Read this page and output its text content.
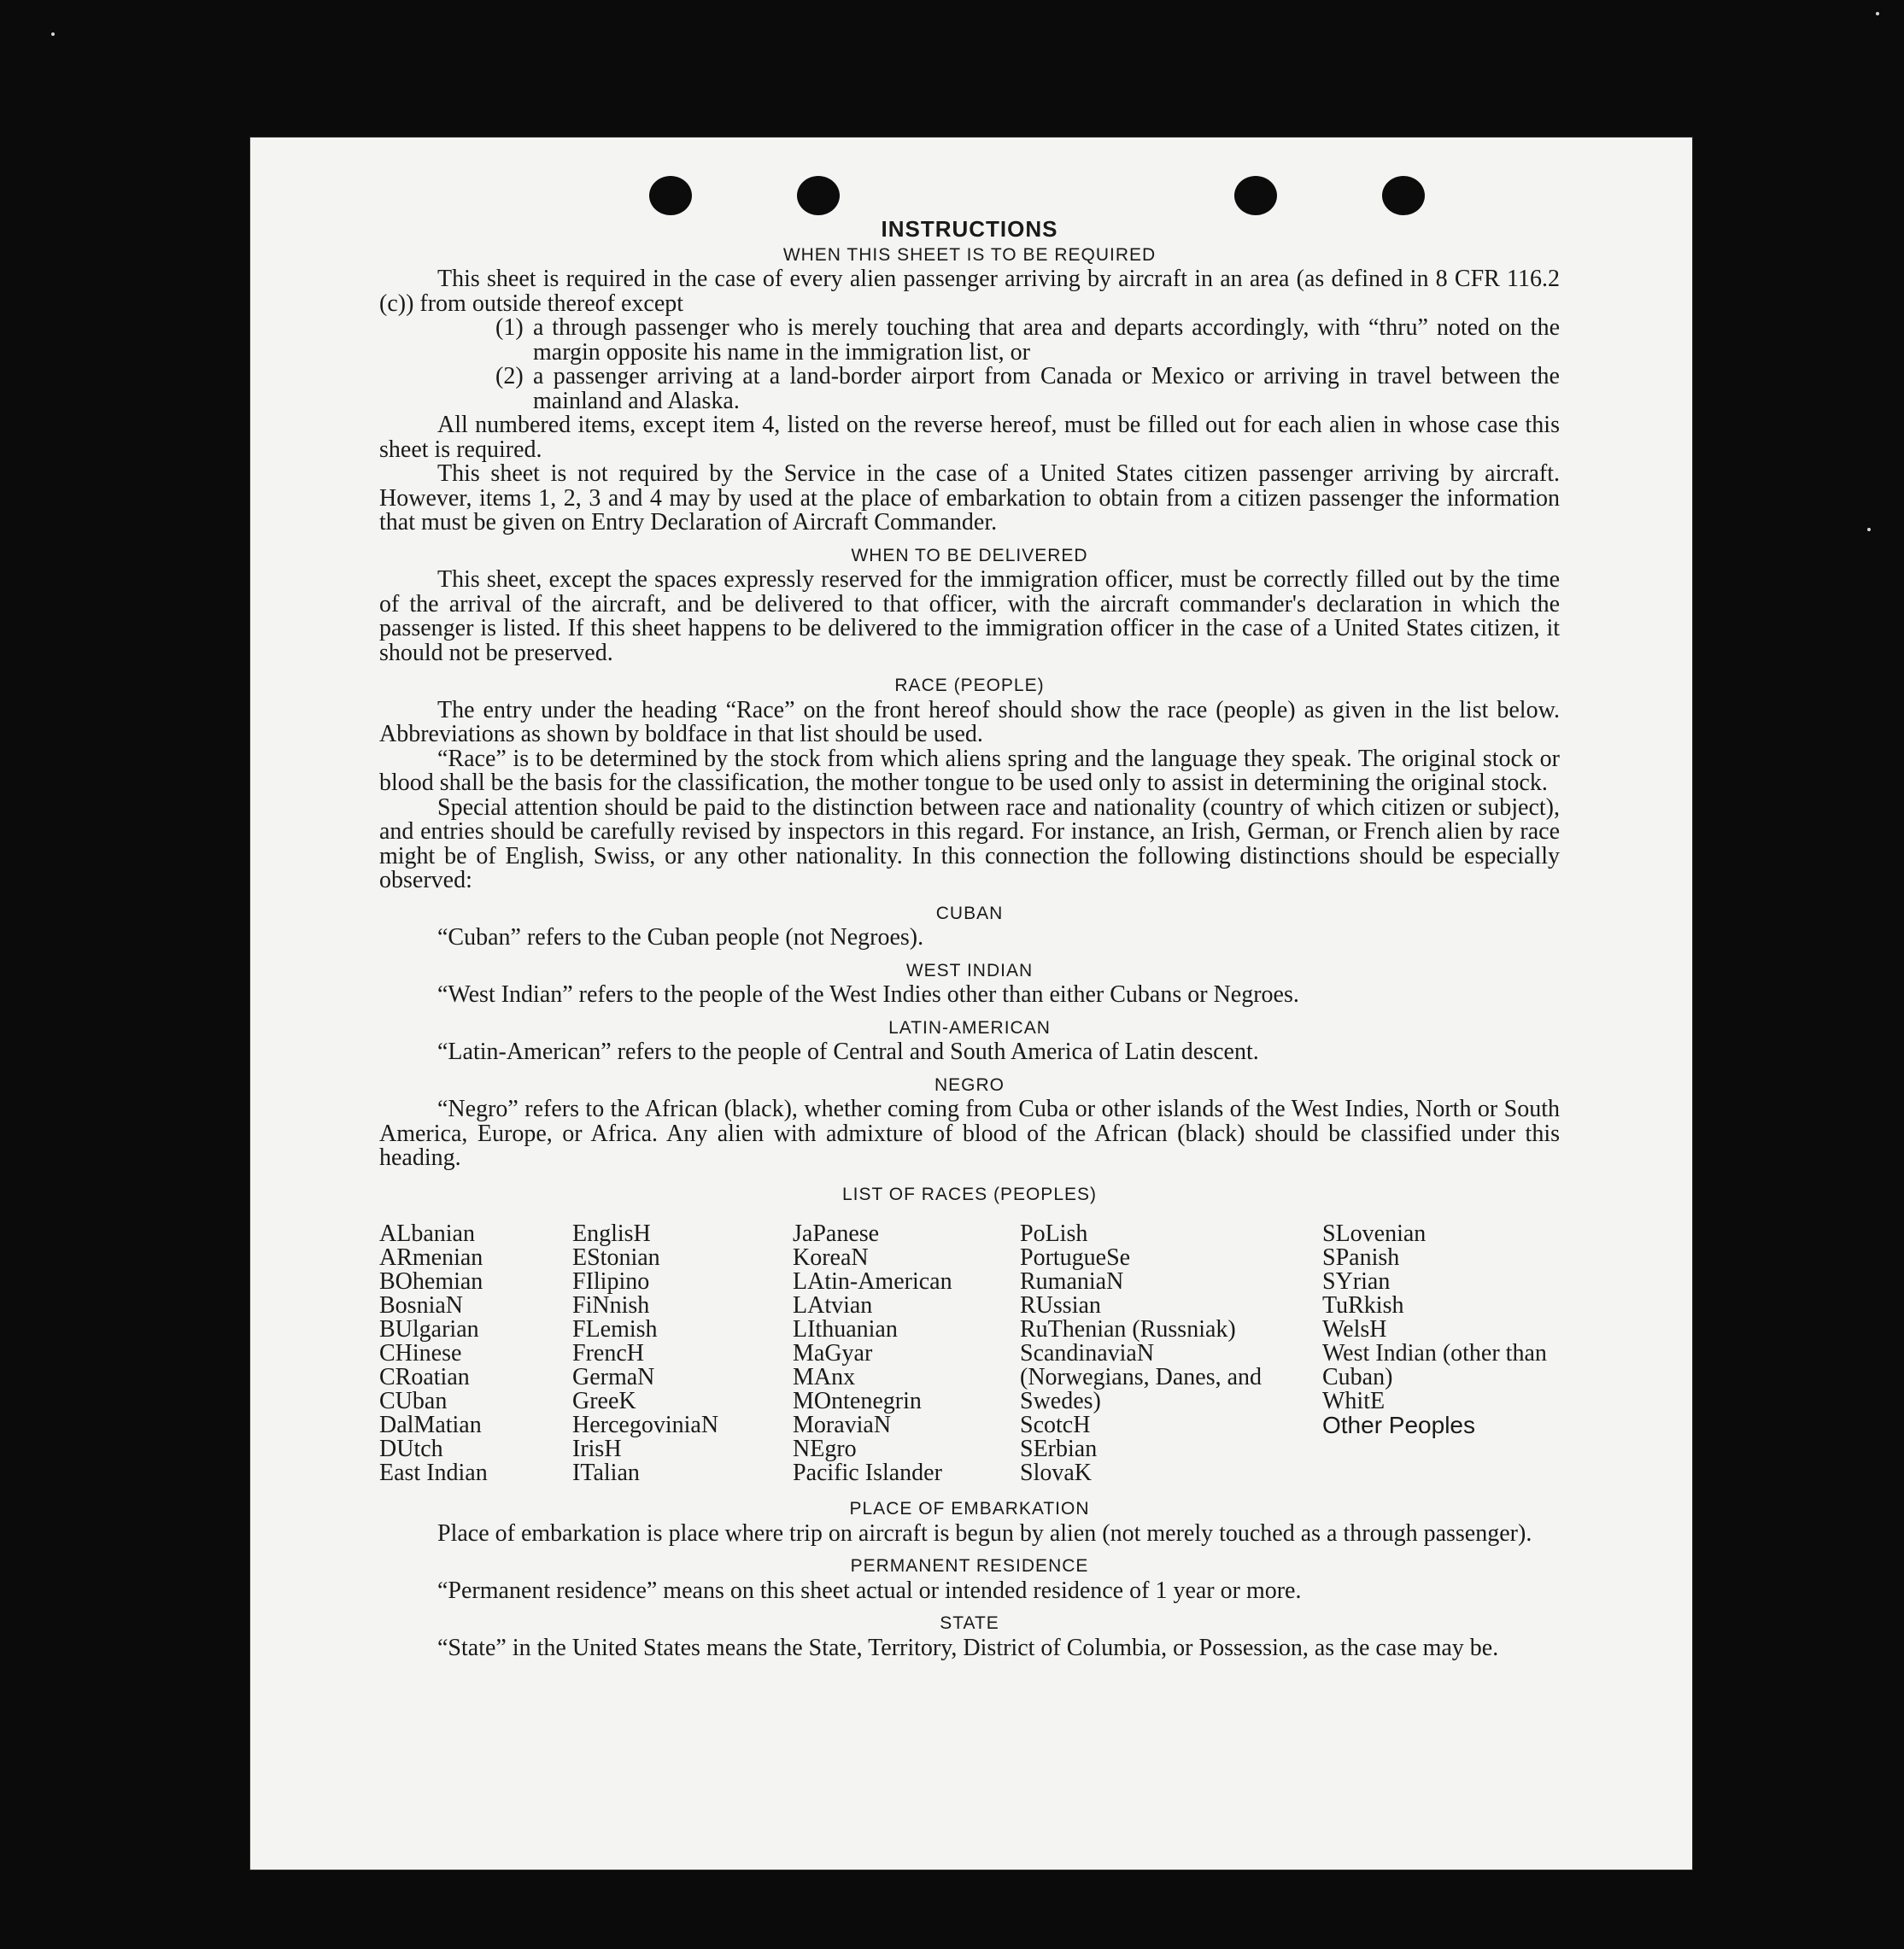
INSTRUCTIONS
WHEN THIS SHEET IS TO BE REQUIRED

This sheet is required in the case of every alien passenger arriving by aircraft in an area (as defined in 8 CFR 116.2 (c)) from outside thereof except

(1) a through passenger who is merely touching that area and departs accordingly, with “thru” noted on the margin opposite his name in the immigration list, or
(2) a passenger arriving at a land-border airport from Canada or Mexico or arriving in travel between the mainland and Alaska.

All numbered items, except item 4, listed on the reverse hereof, must be filled out for each alien in whose case this sheet is required.

This sheet is not required by the Service in the case of a United States citizen passenger arriving by aircraft. However, items 1, 2, 3 and 4 may by used at the place of embarkation to obtain from a citizen passenger the information that must be given on Entry Declaration of Aircraft Commander.

WHEN TO BE DELIVERED

This sheet, except the spaces expressly reserved for the immigration officer, must be correctly filled out by the time of the arrival of the aircraft, and be delivered to that officer, with the aircraft commander's declaration in which the passenger is listed. If this sheet happens to be delivered to the immigration officer in the case of a United States citizen, it should not be preserved.

RACE (PEOPLE)

The entry under the heading “Race” on the front hereof should show the race (people) as given in the list below. Abbreviations as shown by boldface in that list should be used.

“Race” is to be determined by the stock from which aliens spring and the language they speak. The original stock or blood shall be the basis for the classification, the mother tongue to be used only to assist in determining the original stock.

Special attention should be paid to the distinction between race and nationality (country of which citizen or subject), and entries should be carefully revised by inspectors in this regard. For instance, an Irish, German, or French alien by race might be of English, Swiss, or any other nationality. In this connection the following distinctions should be especially observed:

CUBAN

“Cuban” refers to the Cuban people (not Negroes).

WEST INDIAN

“West Indian” refers to the people of the West Indies other than either Cubans or Negroes.

LATIN-AMERICAN

“Latin-American” refers to the people of Central and South America of Latin descent.

NEGRO

“Negro” refers to the African (black), whether coming from Cuba or other islands of the West Indies, North or South America, Europe, or Africa. Any alien with admixture of blood of the African (black) should be classified under this heading.

LIST OF RACES (PEOPLES)
ALbanian
ARmenian
BOhemian
BosniaN
BUlgarian
CHinese
CRoatian
CUban
DalMatian
DUtch
East Indian
EnglisH
EStonian
FIlipino
FiNnish
FLemish
FrencH
GermaN
GreeK
HercegoviniaN
IrisH
ITalian
JaPanese
KoreaN
LAtin-American
LAtvian
LIthuanian
MaGyar
MAnx
MOntenegrin
MoraviaN
NEgro
Pacific Islander
PoLish
PortugueSe
RumaniaN
RUssian
RuThenian (Russniak)
ScandinaviaN (Norwegians, Danes, and Swedes)
ScotcH
SErbian
SlovaK
SLovenian
SPanish
SYrian
TuRkish
WelsH
West Indian (other than Cuban)
WhitE
Other Peoples
PLACE OF EMBARKATION

Place of embarkation is place where trip on aircraft is begun by alien (not merely touched as a through passenger).

PERMANENT RESIDENCE

“Permanent residence” means on this sheet actual or intended residence of 1 year or more.

STATE

“State” in the United States means the State, Territory, District of Columbia, or Possession, as the case may be.
